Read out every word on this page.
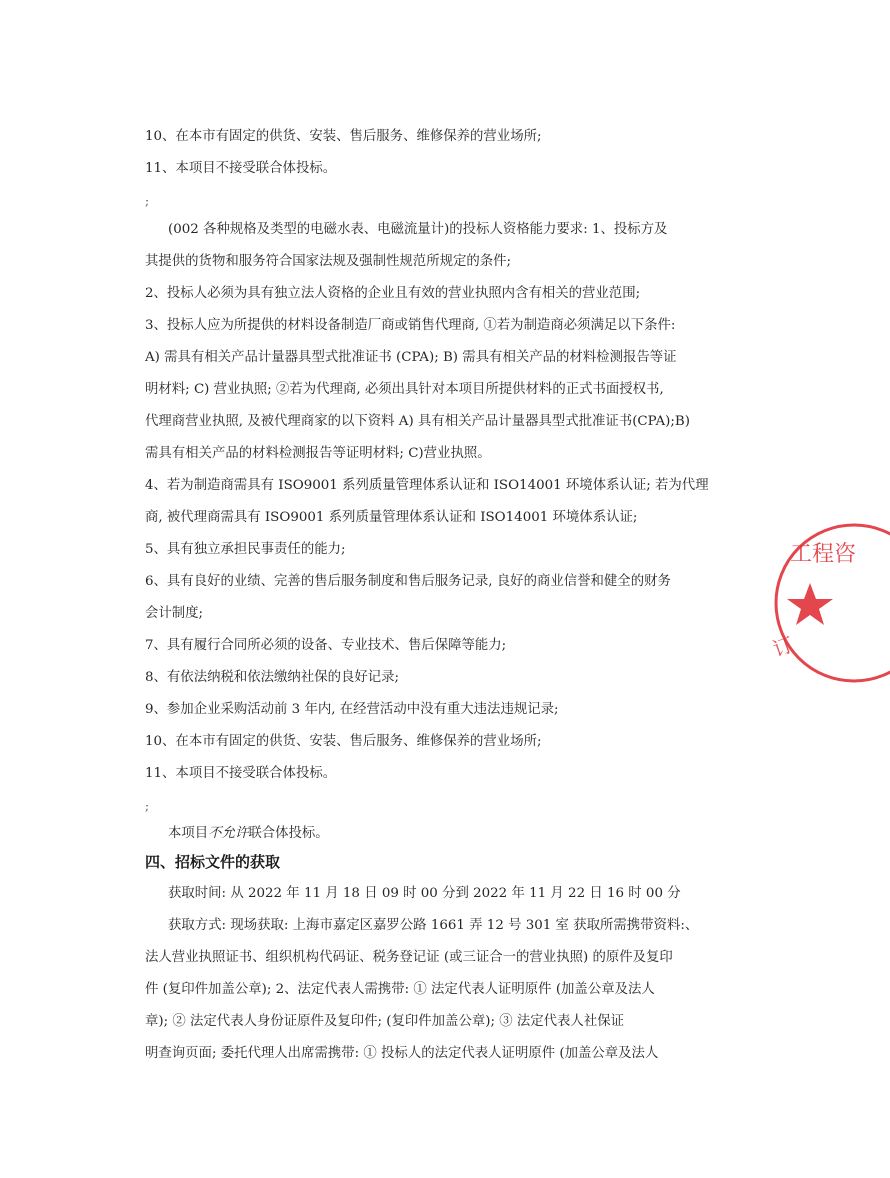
10、在本市有固定的供货、安装、售后服务、维修保养的营业场所;
11、本项目不接受联合体投标。
;
(002 各种规格及类型的电磁水表、电磁流量计)的投标人资格能力要求: 1、投标方及
其提供的货物和服务符合国家法规及强制性规范所规定的条件;
2、投标人必须为具有独立法人资格的企业且有效的营业执照内含有相关的营业范围;
3、投标人应为所提供的材料设备制造厂商或销售代理商, ①若为制造商必须满足以下条件:
A) 需具有相关产品计量器具型式批准证书 (CPA); B) 需具有相关产品的材料检测报告等证
明材料; C) 营业执照; ②若为代理商, 必须出具针对本项目所提供材料的正式书面授权书,
代理商营业执照, 及被代理商家的以下资料 A) 具有相关产品计量器具型式批准证书(CPA);B)
需具有相关产品的材料检测报告等证明材料; C)营业执照。
4、若为制造商需具有 ISO9001 系列质量管理体系认证和 ISO14001 环境体系认证; 若为代理
商, 被代理商需具有 ISO9001 系列质量管理体系认证和 ISO14001 环境体系认证;
5、具有独立承担民事责任的能力;
6、具有良好的业绩、完善的售后服务制度和售后服务记录, 良好的商业信誉和健全的财务
会计制度;
7、具有履行合同所必须的设备、专业技术、售后保障等能力;
8、有依法纳税和依法缴纳社保的良好记录;
9、参加企业采购活动前 3 年内, 在经营活动中没有重大违法违规记录;
10、在本市有固定的供货、安装、售后服务、维修保养的营业场所;
11、本项目不接受联合体投标。
;
本项目不允许联合体投标。
四、招标文件的获取
获取时间: 从 2022 年 11 月 18 日 09 时 00 分到 2022 年 11 月 22 日 16 时 00 分
获取方式: 现场获取: 上海市嘉定区嘉罗公路 1661 弄 12 号 301 室 获取所需携带资料:、
法人营业执照证书、组织机构代码证、税务登记证 (或三证合一的营业执照) 的原件及复印
件 (复印件加盖公章); 2、法定代表人需携带: ① 法定代表人证明原件 (加盖公章及法人
章); ② 法定代表人身份证原件及复印件; (复印件加盖公章); ③ 法定代表人社保证
明查询页面; 委托代理人出席需携带: ① 投标人的法定代表人证明原件 (加盖公章及法人
工程咨
订
